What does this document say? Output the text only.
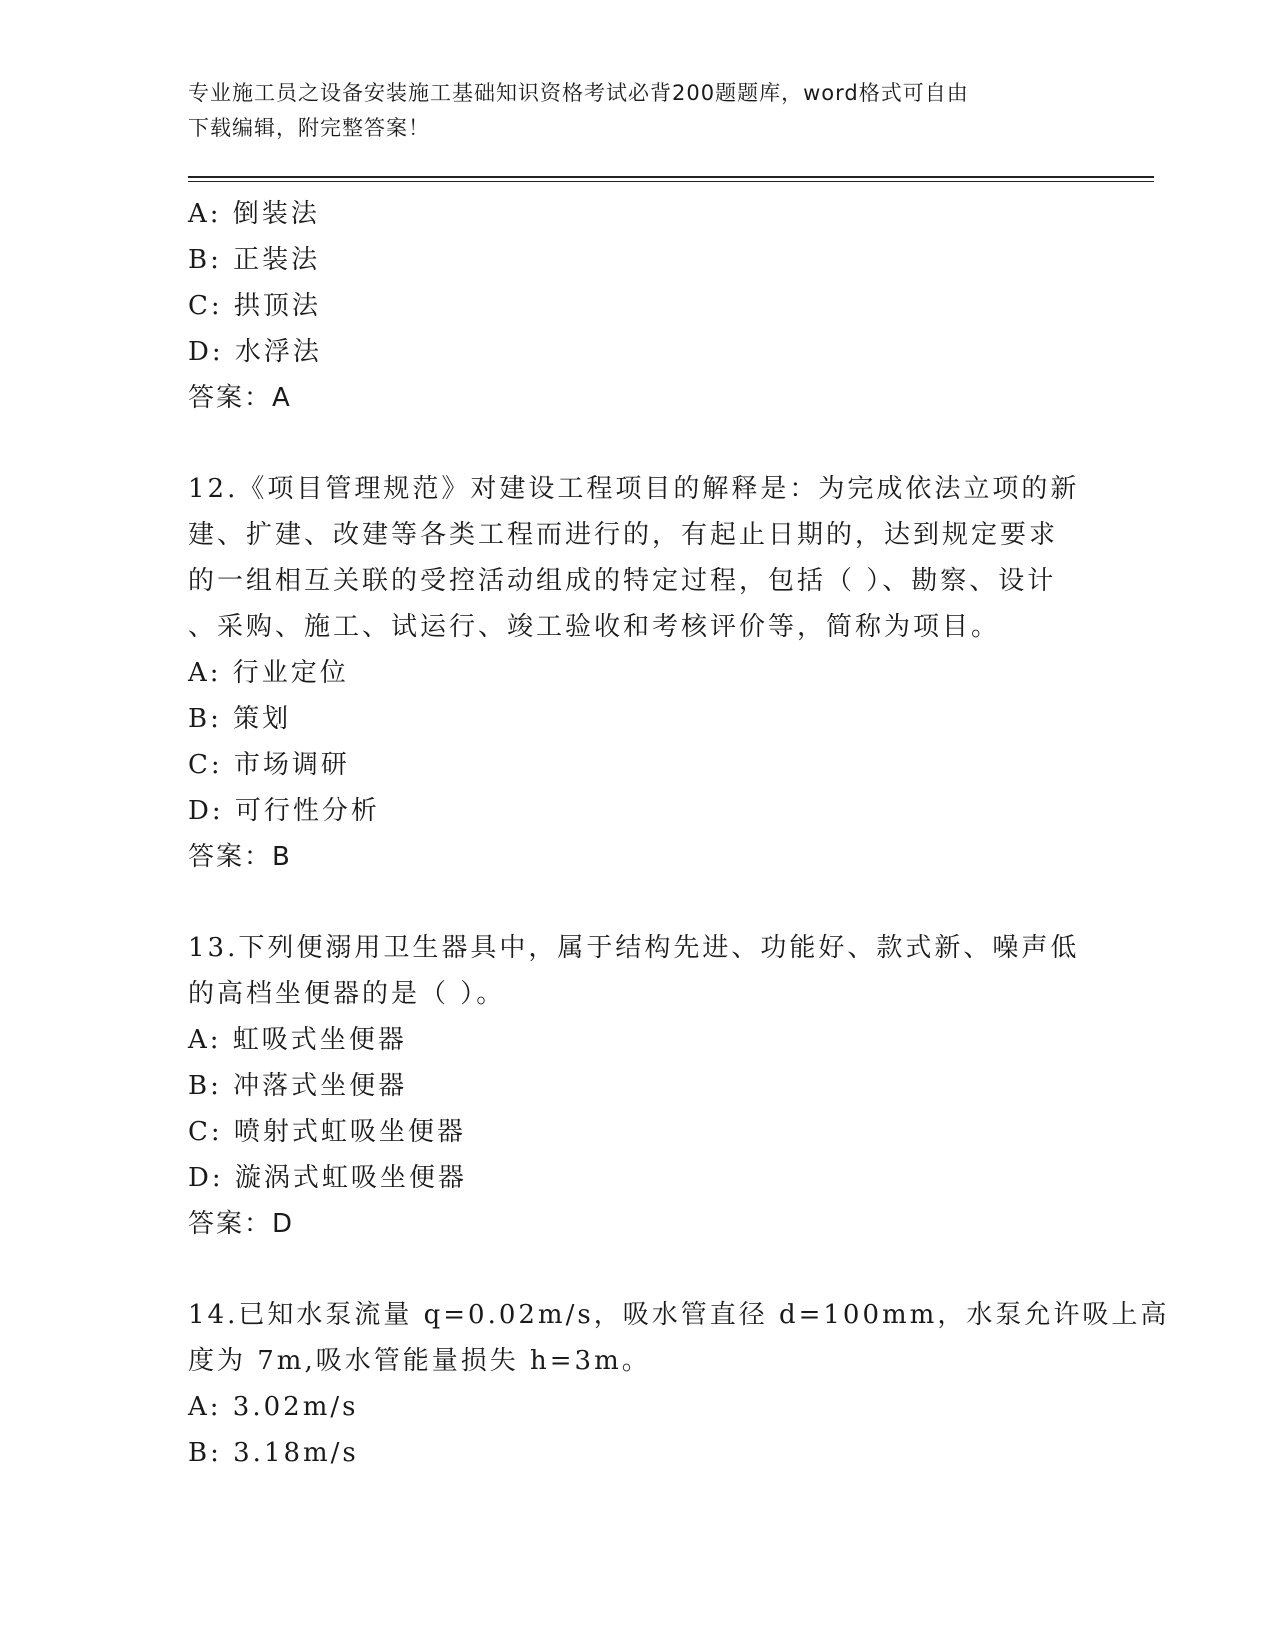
专业施工员之设备安装施工基础知识资格考试必背200题题库，word格式可自由
下载编辑，附完整答案！
A: 倒装法
B: 正装法
C: 拱顶法
D: 水浮法
答案：A
12.《项目管理规范》对建设工程项目的解释是：为完成依法立项的新
建、扩建、改建等各类工程而进行的，有起止日期的，达到规定要求
的一组相互关联的受控活动组成的特定过程，包括（ ）、勘察、设计
、采购、施工、试运行、竣工验收和考核评价等，简称为项目。
A: 行业定位
B: 策划
C: 市场调研
D: 可行性分析
答案：B
13.下列便溺用卫生器具中，属于结构先进、功能好、款式新、噪声低
的高档坐便器的是（ ）。
A: 虹吸式坐便器
B: 冲落式坐便器
C: 喷射式虹吸坐便器
D: 漩涡式虹吸坐便器
答案：D
14.已知水泵流量 q=0.02m/s，吸水管直径 d=100mm，水泵允许吸上高
度为 7m,吸水管能量损失 h=3m。
A: 3.02m/s
B: 3.18m/s
